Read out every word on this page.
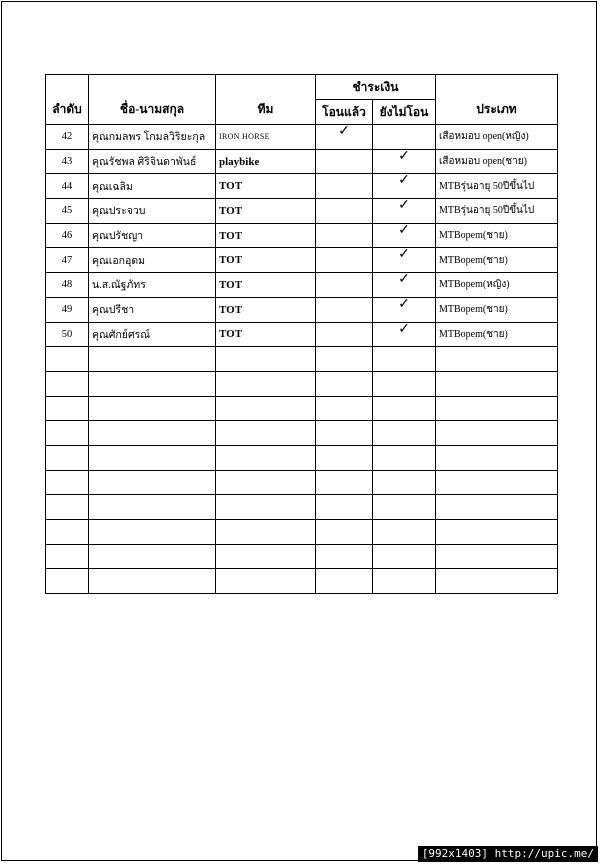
ลำดับ	ชื่อ-นามสกุล	ทีม	ชำระเงิน		ประเภท
			โอนแล้ว	ยังไม่โอน	
42	คุณกมลพร โกมลวิริยะกุล	IRON HORSE	✓		เสือหมอบ open(หญิง)
43	คุณรัชพล ศิริจินดาพันธ์	playbike		✓	เสือหมอบ open(ชาย)
44	คุณเฉลิม	TOT		✓	MTBรุ่นอายุ 50ปีขึ้นไป
45	คุณประจวบ	TOT		✓	MTBรุ่นอายุ 50ปีขึ้นไป
46	คุณปรัชญา	TOT		✓	MTBopem(ชาย)
47	คุณเอกอุดม	TOT		✓	MTBopem(ชาย)
48	น.ส.ณัฐภัทร	TOT		✓	MTBopem(หญิง)
49	คุณปรีชา	TOT		✓	MTBopem(ชาย)
50	คุณศักย์ศรณ์	TOT		✓	MTBopem(ชาย)

[992x1403] http://upic.me/
